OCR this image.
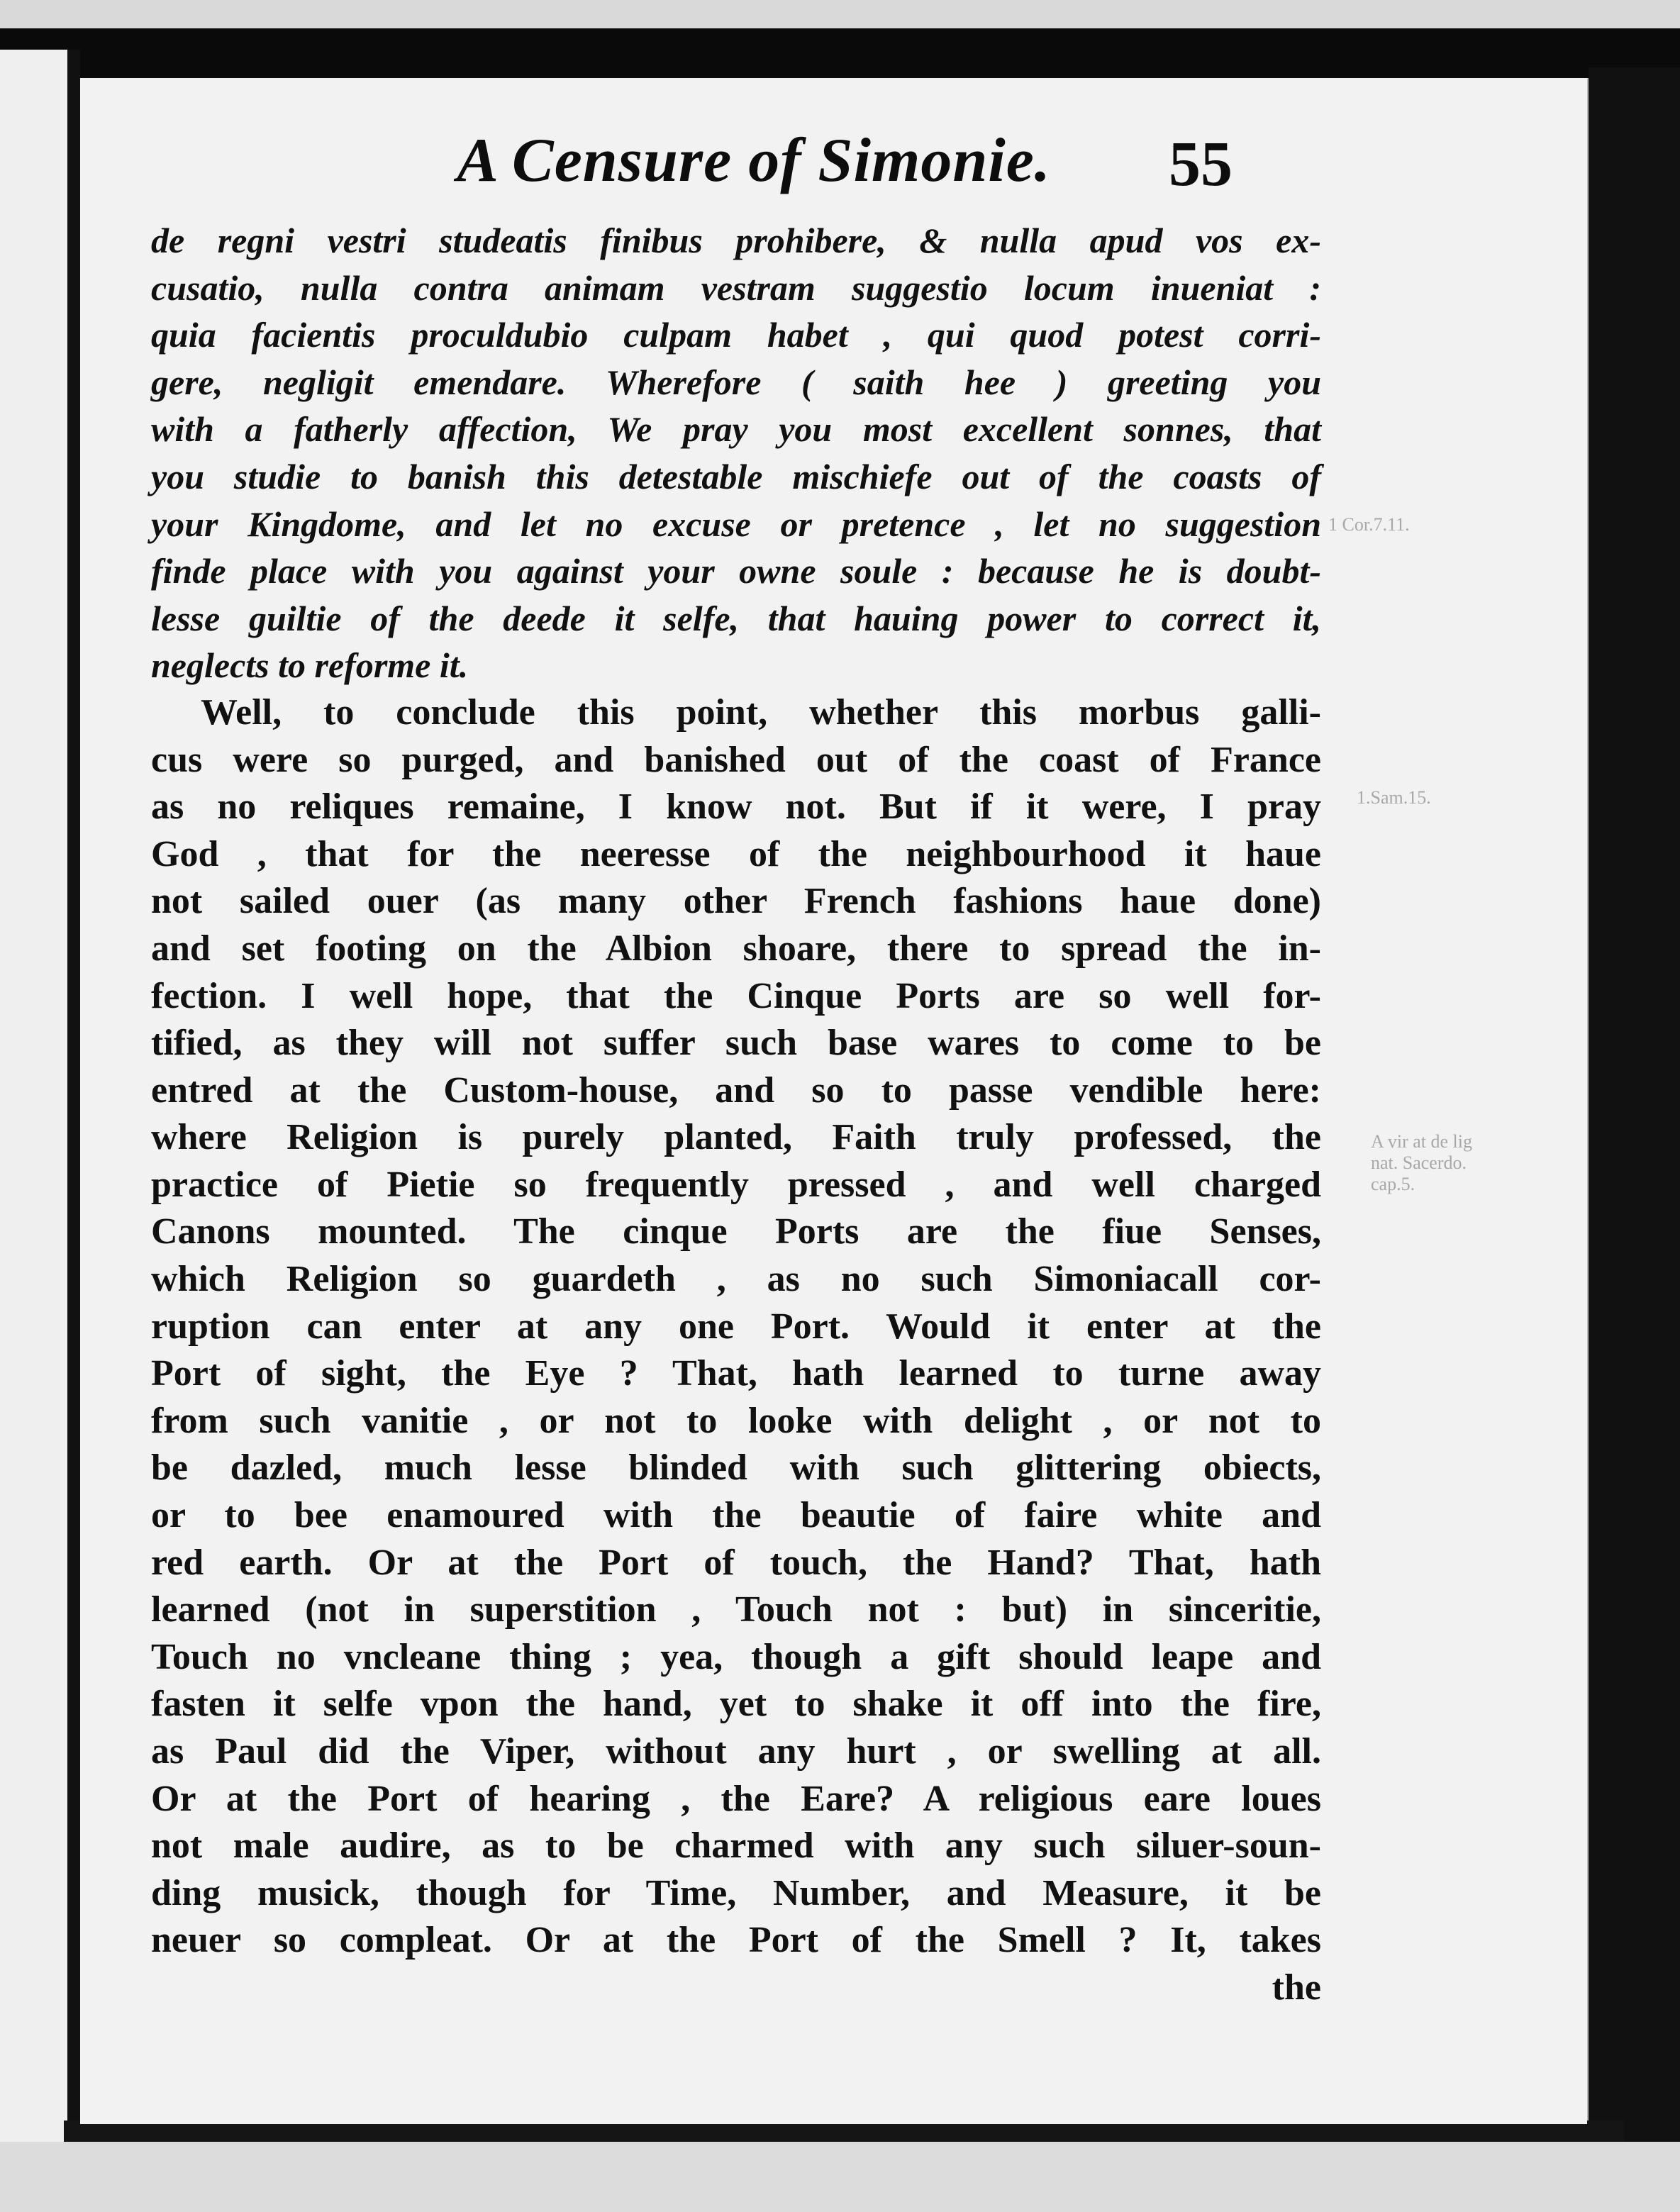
A Censure of Simonie.	55
1 Cor.7.11.
1.Sam.15.
A vir at de lig nat. Sacerdo. cap.5.
de regni vestri studeatis finibus prohibere, & nulla apud vos ex-
cusatio, nulla contra animam vestram suggestio locum inueniat :
quia facientis proculdubio culpam habet , qui quod potest corri-
gere, negligit emendare. Wherefore ( saith hee ) greeting you
with a fatherly affection, We pray you most excellent sonnes, that
you studie to banish this detestable mischiefe out of the coasts of
your Kingdome, and let no excuse or pretence , let no suggestion
finde place with you against your owne soule : because he is doubt-
lesse guiltie of the deede it selfe, that hauing power to correct it,
neglects to reforme it.
Well, to conclude this point, whether this morbus galli-
cus were so purged, and banished out of the coast of France
as no reliques remaine, I know not. But if it were, I pray
God , that for the neeresse of the neighbourhood it haue
not sailed ouer (as many other French fashions haue done)
and set footing on the Albion shoare, there to spread the in-
fection. I well hope, that the Cinque Ports are so well for-
tified, as they will not suffer such base wares to come to be
entred at the Custom-house, and so to passe vendible here:
where Religion is purely planted, Faith truly professed, the
practice of Pietie so frequently pressed , and well charged
Canons mounted. The cinque Ports are the fiue Senses,
which Religion so guardeth , as no such Simoniacall cor-
ruption can enter at any one Port. Would it enter at the
Port of sight, the Eye ? That, hath learned to turne away
from such vanitie , or not to looke with delight , or not to
be dazled, much lesse blinded with such glittering obiects,
or to bee enamoured with the beautie of faire white and
red earth. Or at the Port of touch, the Hand? That, hath
learned (not in superstition , Touch not : but) in sinceritie,
Touch no vncleane thing ; yea, though a gift should leape and
fasten it selfe vpon the hand, yet to shake it off into the fire,
as Paul did the Viper, without any hurt , or swelling at all.
Or at the Port of hearing , the Eare? A religious eare loues
not male audire, as to be charmed with any such siluer-soun-
ding musick, though for Time, Number, and Measure, it be
neuer so compleat. Or at the Port of the Smell ? It, takes
the
